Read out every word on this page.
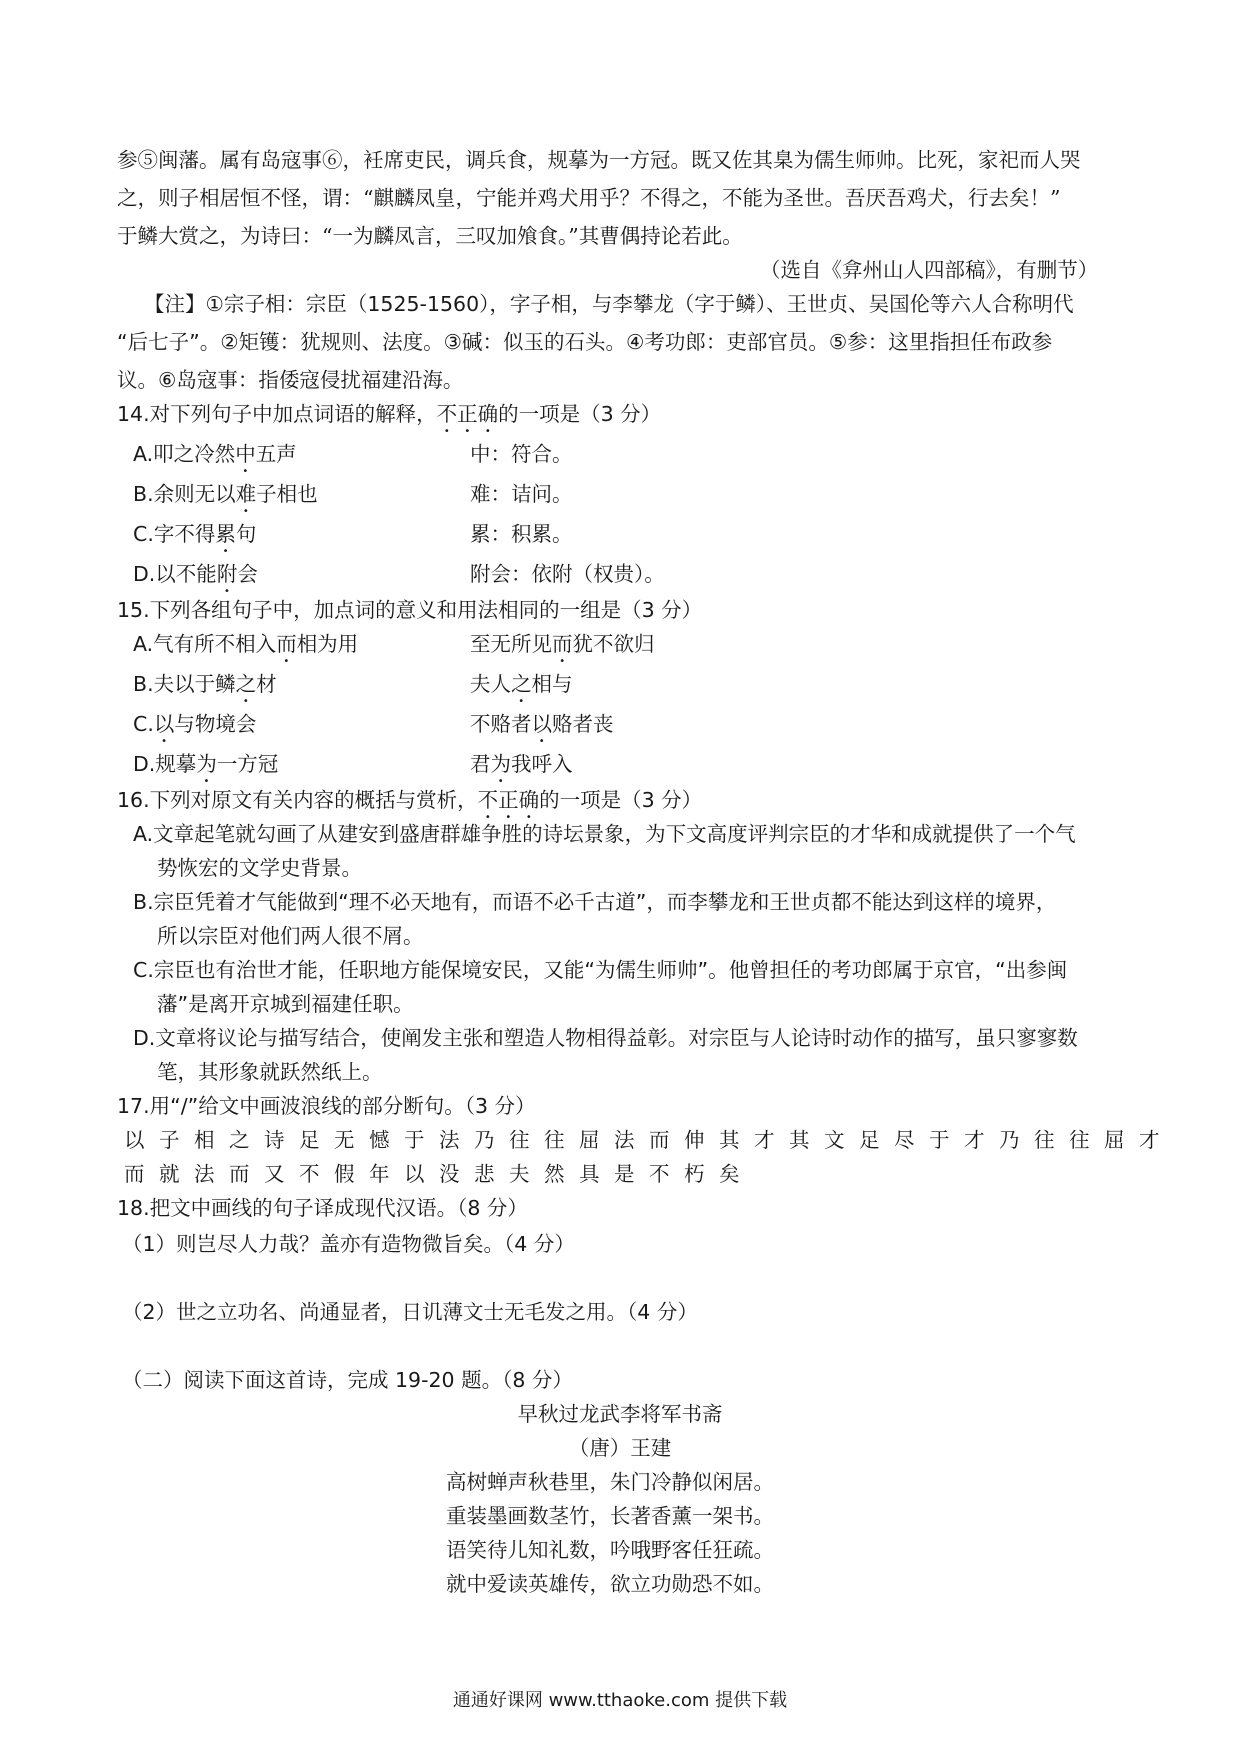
参⑤闽藩。属有岛寇事⑥，衽席吏民，调兵食，规摹为一方冠。既又佐其臬为儒生师帅。比死，家祀而人哭
之，则子相居恒不怪，谓：“麒麟凤皇，宁能并鸡犬用乎？不得之，不能为圣世。吾厌吾鸡犬，行去矣！”
于鳞大赏之，为诗曰：“一为麟凤言，三叹加飧食。”其曹偶持论若此。
（选自《弇州山人四部稿》，有删节）
【注】①宗子相：宗臣（1525-1560），字子相，与李攀龙（字于鳞）、王世贞、吴国伦等六人合称明代
“后七子”。②矩镬：犹规则、法度。③碱：似玉的石头。④考功郎：吏部官员。⑤参：这里指担任布政参
议。⑥岛寇事：指倭寇侵扰福建沿海。
14.对下列句子中加点词语的解释，不正确的一项是（3 分）
A.叩之冷然中五声	中：符合。
B.余则无以难子相也	难：诘问。
C.字不得累句	累：积累。
D.以不能附会	附会：依附（权贵）。
15.下列各组句子中，加点词的意义和用法相同的一组是（3 分）
A.气有所不相入而相为用	至无所见而犹不欲归
B.夫以于鳞之材	夫人之相与
C.以与物境会	不赂者以赂者丧
D.规摹为一方冠	君为我呼入
16.下列对原文有关内容的概括与赏析，不正确的一项是（3 分）
A.文章起笔就勾画了从建安到盛唐群雄争胜的诗坛景象，为下文高度评判宗臣的才华和成就提供了一个气
势恢宏的文学史背景。
B.宗臣凭着才气能做到“理不必天地有，而语不必千古道”，而李攀龙和王世贞都不能达到这样的境界，
所以宗臣对他们两人很不屑。
C.宗臣也有治世才能，任职地方能保境安民，又能“为儒生师帅”。他曾担任的考功郎属于京官，“出参闽
藩”是离开京城到福建任职。
D.文章将议论与描写结合，使阐发主张和塑造人物相得益彰。对宗臣与人论诗时动作的描写，虽只寥寥数
笔，其形象就跃然纸上。
17.用“/”给文中画波浪线的部分断句。（3 分）
以子相之诗足无憾于法乃往往屈法而伸其才其文足尽于才乃往往屈才
而就法而又不假年以没悲夫然具是不朽矣
18.把文中画线的句子译成现代汉语。（8 分）
（1）则岂尽人力哉？盖亦有造物微旨矣。（4 分）
（2）世之立功名、尚通显者，日讥薄文士无毛发之用。（4 分）
（二）阅读下面这首诗，完成 19-20 题。（8 分）
早秋过龙武李将军书斋
（唐）王建
高树蝉声秋巷里，朱门冷静似闲居。
重装墨画数茎竹，长著香薰一架书。
语笑待儿知礼数，吟哦野客任狂疏。
就中爱读英雄传，欲立功勋恐不如。
通通好课网 www.tthaoke.com 提供下载
